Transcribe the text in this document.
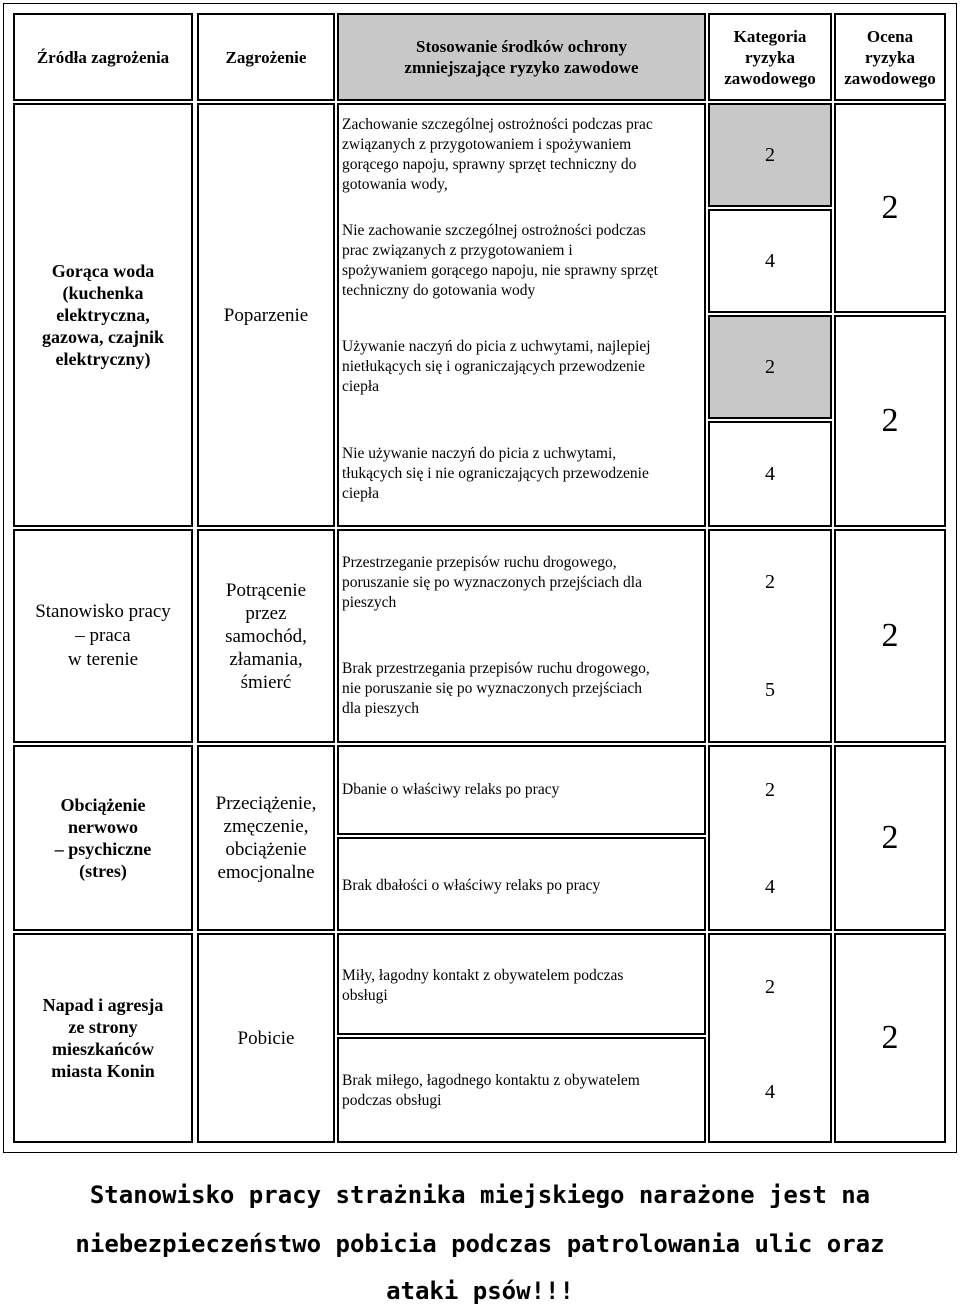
Źródła zagrożenia	Zagrożenie
Stosowanie środków ochrony
zmniejszające ryzyko zawodowe
Kategoria
ryzyka
zawodowego
Ocena
ryzyka
zawodowego
Gorąca woda
(kuchenka
elektryczna,
gazowa, czajnik
elektryczny)
Poparzenie
Zachowanie szczególnej ostrożności podczas prac
związanych z przygotowaniem i spożywaniem
gorącego napoju, sprawny sprzęt techniczny do
gotowania wody,
Nie zachowanie szczególnej ostrożności podczas
prac związanych z przygotowaniem i
spożywaniem gorącego napoju, nie sprawny sprzęt
techniczny do gotowania wody
Używanie naczyń do picia z uchwytami, najlepiej
nietłukących się i ograniczających przewodzenie
ciepła
Nie używanie naczyń do picia z uchwytami,
tłukących się i nie ograniczających przewodzenie
ciepła
2
4
2
4
2
2
Stanowisko pracy
– praca
w terenie
Potrącenie
przez
samochód,
złamania,
śmierć
Przestrzeganie przepisów ruchu drogowego,
poruszanie się po wyznaczonych przejściach dla
pieszych
Brak przestrzegania przepisów ruchu drogowego,
nie poruszanie się po wyznaczonych przejściach
dla pieszych
2
5
2
Obciążenie
nerwowo
– psychiczne
(stres)
Przeciążenie,
zmęczenie,
obciążenie
emocjonalne
Dbanie o właściwy relaks po pracy
Brak dbałości o właściwy relaks po pracy
2
4
2
Napad i agresja
ze strony
mieszkańców
miasta Konin
Pobicie
Miły, łagodny kontakt z obywatelem podczas
obsługi
Brak miłego, łagodnego kontaktu z obywatelem
podczas obsługi
2
4
2
Stanowisko pracy strażnika miejskiego narażone jest na
niebezpieczeństwo pobicia podczas patrolowania ulic oraz
ataki psów!!!
